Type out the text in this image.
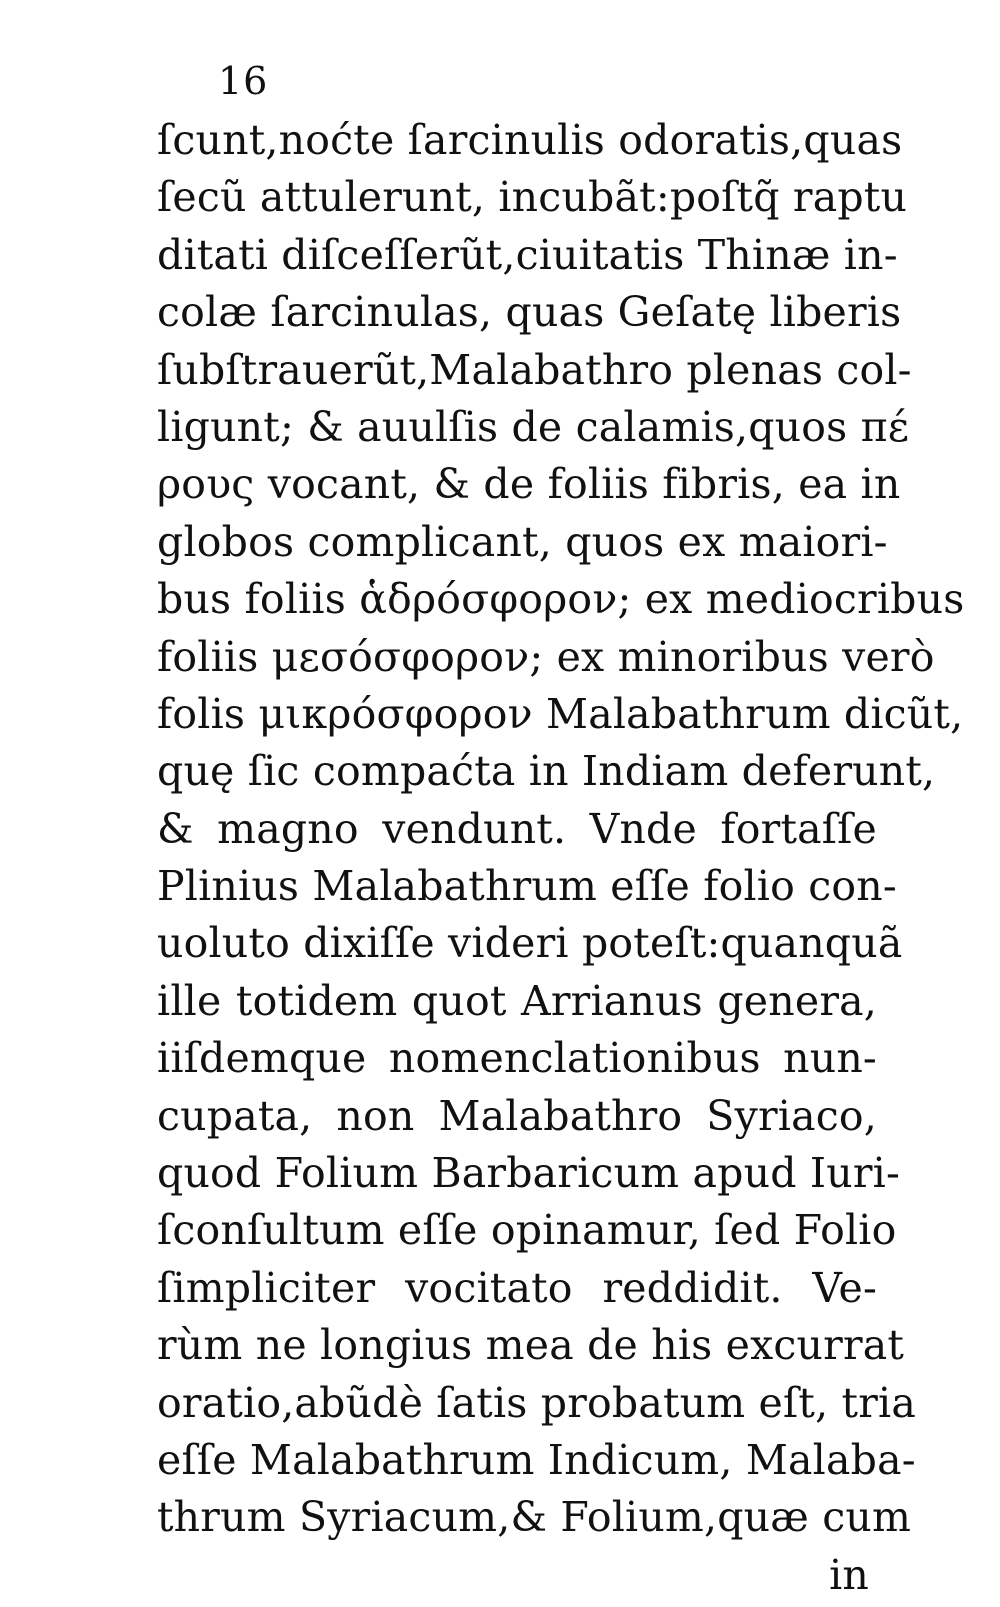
16
ſcunt,noćte ſarcinulis odoratis,quas
ſecũ attulerunt, incubãt:poſtq̃ raptu
ditati diſceſſerũt,ciuitatis Thinæ in-
colæ ſarcinulas, quas Geſatę liberis
ſubſtrauerũt,Malabathro plenas col-
ligunt; & auulſis de calamis,quos πέ
ρους vocant, & de foliis fibris, ea in
globos complicant, quos ex maiori-
bus foliis ἁδρόσφορον; ex mediocribus
foliis μεσόσφορον; ex minoribus verò
folis μικρόσφορον Malabathrum dicũt,
quę ſic compaćta in Indiam deferunt,
& magno vendunt. Vnde fortaſſe
Plinius Malabathrum eſſe folio con-
uoluto dixiſſe videri poteſt:quanquã
ille totidem quot Arrianus genera,
iiſdemque nomenclationibus nun-
cupata, non Malabathro Syriaco,
quod Folium Barbaricum apud Iuri-
ſconſultum eſſe opinamur, ſed Folio
ſimpliciter vocitato reddidit. Ve-
rùm ne longius mea de his excurrat
oratio,abũdè ſatis probatum eſt, tria
eſſe Malabathrum Indicum, Malaba-
thrum Syriacum,& Folium,quæ cum
in
